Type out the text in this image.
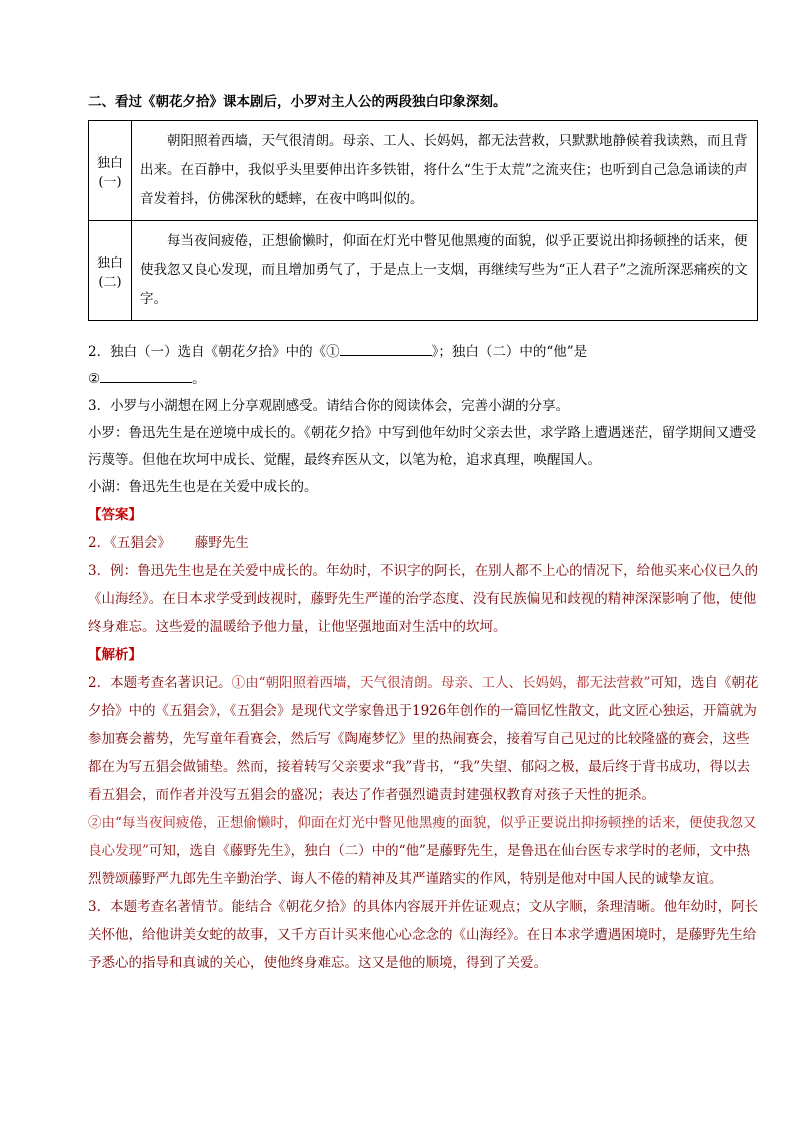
二、看过《朝花夕拾》课本剧后，小罗对主人公的两段独白印象深刻。

独白(一)	朝阳照着西墙，天气很清朗。母亲、工人、长妈妈，都无法营救，只默默地静候着我读熟，而且背出来。在百静中，我似乎头里要伸出许多铁钳，将什么“生于太荒”之流夹住；也听到自己急急诵读的声音发着抖，仿佛深秋的蟋蟀，在夜中鸣叫似的。

独白(二)	每当夜间疲倦，正想偷懒时，仰面在灯光中瞥见他黑瘦的面貌，似乎正要说出抑扬顿挫的话来，便使我忽又良心发现，而且增加勇气了，于是点上一支烟，再继续写些为“正人君子”之流所深恶痛疾的文字。

2．独白（一）选自《朝花夕拾》中的《①	》；独白（二）中的“他”是
②	。

3．小罗与小湖想在网上分享观剧感受。请结合你的阅读体会，完善小湖的分享。

小罗：鲁迅先生是在逆境中成长的。《朝花夕拾》中写到他年幼时父亲去世，求学路上遭遇迷茫，留学期间又遭受污蔑等。但他在坎坷中成长、觉醒，最终弃医从文，以笔为枪，追求真理，唤醒国人。

小湖：鲁迅先生也是在关爱中成长的。

【答案】

2．《五猖会》 藤野先生

3．例：鲁迅先生也是在关爱中成长的。年幼时，不识字的阿长，在别人都不上心的情况下，给他买来心仪已久的《山海经》。在日本求学受到歧视时，藤野先生严谨的治学态度、没有民族偏见和歧视的精神深深影响了他，使他终身难忘。这些爱的温暖给予他力量，让他坚强地面对生活中的坎坷。

【解析】

2．本题考查名著识记。①由“朝阳照着西墙，天气很清朗。母亲、工人、长妈妈，都无法营救”可知，选自《朝花夕拾》中的《五猖会》，《五猖会》是现代文学家鲁迅于1926年创作的一篇回忆性散文，此文匠心独运，开篇就为参加赛会蓄势，先写童年看赛会，然后写《陶庵梦忆》里的热闹赛会，接着写自己见过的比较隆盛的赛会，这些都在为写五猖会做铺垫。然而，接着转写父亲要求“我”背书，“我”失望、郁闷之极，最后终于背书成功，得以去看五猖会，而作者并没写五猖会的盛况；表达了作者强烈谴责封建强权教育对孩子天性的扼杀。

②由“每当夜间疲倦，正想偷懒时，仰面在灯光中瞥见他黑瘦的面貌，似乎正要说出抑扬顿挫的话来，便使我忽又良心发现”可知，选自《藤野先生》，独白（二）中的“他”是藤野先生，是鲁迅在仙台医专求学时的老师，文中热烈赞颂藤野严九郎先生辛勤治学、诲人不倦的精神及其严谨踏实的作风，特别是他对中国人民的诚挚友谊。

3．本题考查名著情节。能结合《朝花夕拾》的具体内容展开并佐证观点；文从字顺，条理清晰。他年幼时，阿长关怀他，给他讲美女蛇的故事，又千方百计买来他心心念念的《山海经》。在日本求学遭遇困境时，是藤野先生给予悉心的指导和真诚的关心，使他终身难忘。这又是他的顺境，得到了关爱。
